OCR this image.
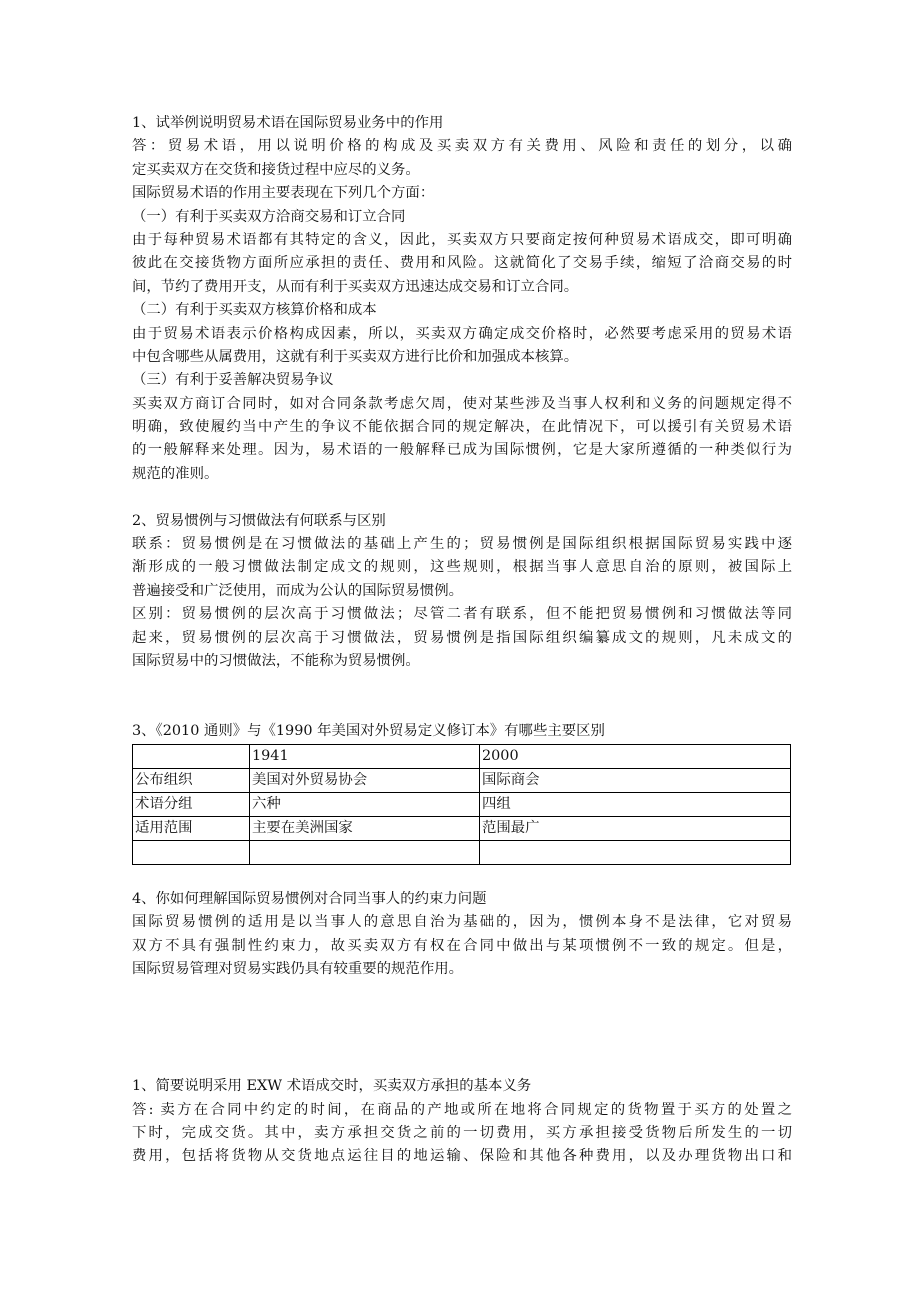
1、试举例说明贸易术语在国际贸易业务中的作用
答：贸易术语，用以说明价格的构成及买卖双方有关费用、风险和责任的划分，以确
定买卖双方在交货和接货过程中应尽的义务。
国际贸易术语的作用主要表现在下列几个方面：
（一）有利于买卖双方洽商交易和订立合同
由于每种贸易术语都有其特定的含义，因此，买卖双方只要商定按何种贸易术语成交，即可明确
彼此在交接货物方面所应承担的责任、费用和风险。这就简化了交易手续，缩短了洽商交易的时
间，节约了费用开支，从而有利于买卖双方迅速达成交易和订立合同。
（二）有利于买卖双方核算价格和成本
由于贸易术语表示价格构成因素，所以，买卖双方确定成交价格时，必然要考虑采用的贸易术语
中包含哪些从属费用，这就有利于买卖双方进行比价和加强成本核算。
（三）有利于妥善解决贸易争议
买卖双方商订合同时，如对合同条款考虑欠周，使对某些涉及当事人权利和义务的问题规定得不
明确，致使履约当中产生的争议不能依据合同的规定解决，在此情况下，可以援引有关贸易术语
的一般解释来处理。因为，易术语的一般解释已成为国际惯例，它是大家所遵循的一种类似行为
规范的准则。
2、贸易惯例与习惯做法有何联系与区别
联系：贸易惯例是在习惯做法的基础上产生的；贸易惯例是国际组织根据国际贸易实践中逐
渐形成的一般习惯做法制定成文的规则，这些规则，根据当事人意思自治的原则，被国际上
普遍接受和广泛使用，而成为公认的国际贸易惯例。
区别：贸易惯例的层次高于习惯做法；尽管二者有联系，但不能把贸易惯例和习惯做法等同
起来，贸易惯例的层次高于习惯做法，贸易惯例是指国际组织编纂成文的规则，凡未成文的
国际贸易中的习惯做法，不能称为贸易惯例。
3、《2010 通则》与《1990 年美国对外贸易定义修订本》有哪些主要区别
	1941	2000
公布组织	美国对外贸易协会	国际商会
术语分组	六种	四组
适用范围	主要在美洲国家	范围最广

4、你如何理解国际贸易惯例对合同当事人的约束力问题
国际贸易惯例的适用是以当事人的意思自治为基础的，因为，惯例本身不是法律，它对贸易
双方不具有强制性约束力，故买卖双方有权在合同中做出与某项惯例不一致的规定。但是，
国际贸易管理对贸易实践仍具有较重要的规范作用。
1、简要说明采用 EXW 术语成交时，买卖双方承担的基本义务
答: 卖方在合同中约定的时间，在商品的产地或所在地将合同规定的货物置于买方的处置之
下时，完成交货。其中，卖方承担交货之前的一切费用，买方承担接受货物后所发生的一切
费用，包括将货物从交货地点运往目的地运输、保险和其他各种费用，以及办理货物出口和
